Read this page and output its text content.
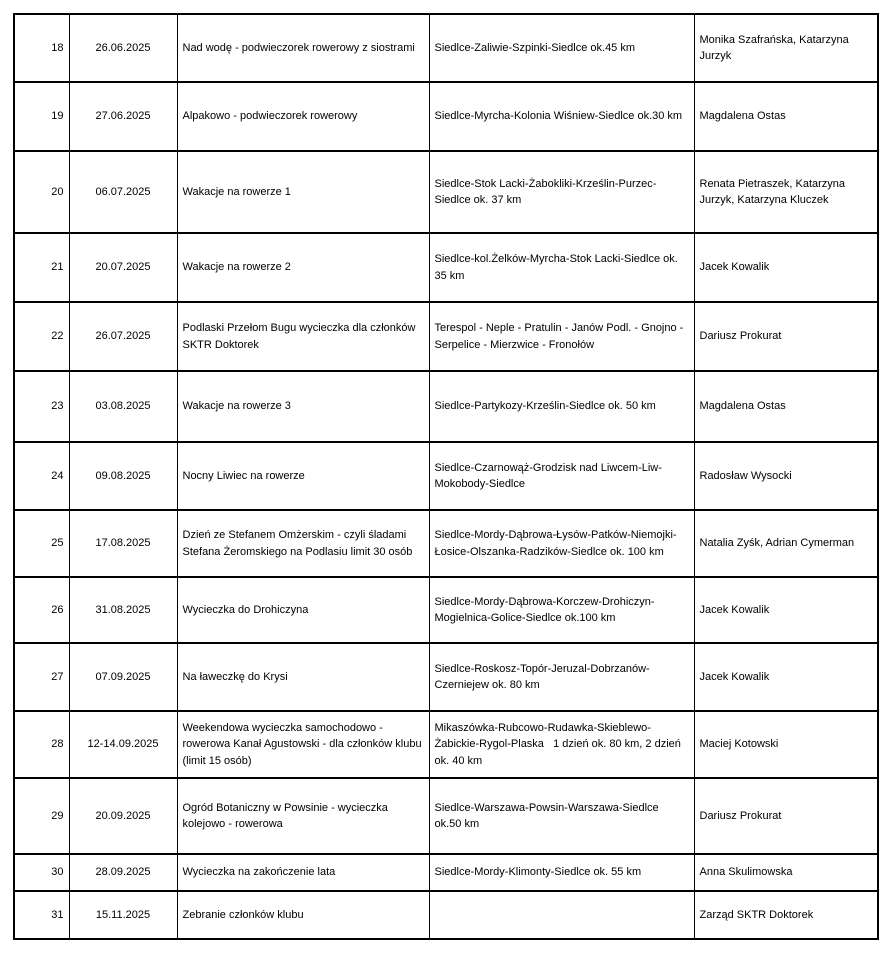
18	26.06.2025	Nad wodę - podwieczorek rowerowy z siostrami	Siedlce-Zaliwie-Szpinki-Siedlce ok.45 km	Monika Szafrańska, Katarzyna Jurzyk
19	27.06.2025	Alpakowo - podwieczorek rowerowy	Siedlce-Myrcha-Kolonia Wiśniew-Siedlce ok.30 km	Magdalena Ostas
20	06.07.2025	Wakacje na rowerze 1	Siedlce-Stok Lacki-Żabokliki-Krześlin-Purzec-Siedlce ok. 37 km	Renata Pietraszek, Katarzyna Jurzyk, Katarzyna Kluczek
21	20.07.2025	Wakacje na rowerze 2	Siedlce-kol.Żelków-Myrcha-Stok Lacki-Siedlce ok. 35 km	Jacek Kowalik
22	26.07.2025	Podlaski Przełom Bugu wycieczka dla członków SKTR Doktorek	Terespol - Neple - Pratulin - Janów Podl. - Gnojno - Serpelice - Mierzwice - Fronołów	Dariusz Prokurat
23	03.08.2025	Wakacje na rowerze 3	Siedlce-Partykozy-Krześlin-Siedlce ok. 50 km	Magdalena Ostas
24	09.08.2025	Nocny Liwiec na rowerze	Siedlce-Czarnowąż-Grodzisk nad Liwcem-Liw-Mokobody-Siedlce	Radosław Wysocki
25	17.08.2025	Dzień ze Stefanem Omżerskim - czyli śladami Stefana Żeromskiego na Podlasiu limit 30 osób	Siedlce-Mordy-Dąbrowa-Łysów-Patków-Niemojki-Łosice-Olszanka-Radzików-Siedlce ok. 100 km	Natalia Zyśk, Adrian Cymerman
26	31.08.2025	Wycieczka do Drohiczyna	Siedlce-Mordy-Dąbrowa-Korczew-Drohiczyn-Mogielnica-Golice-Siedlce ok.100 km	Jacek Kowalik
27	07.09.2025	Na ławeczkę do Krysi	Siedlce-Roskosz-Topór-Jeruzal-Dobrzanów-Czerniejew ok. 80 km	Jacek Kowalik
28	12-14.09.2025	Weekendowa wycieczka samochodowo - rowerowa Kanał Agustowski - dla członków klubu (limit 15 osób)	Mikaszówka-Rubcowo-Rudawka-Skieblewo-Żabickie-Rygol-Plaska   1 dzień ok. 80 km, 2 dzień ok. 40 km	Maciej Kotowski
29	20.09.2025	Ogród Botaniczny w Powsinie - wycieczka kolejowo - rowerowa	Siedlce-Warszawa-Powsin-Warszawa-Siedlce ok.50 km	Dariusz Prokurat
30	28.09.2025	Wycieczka na zakończenie lata	Siedlce-Mordy-Klimonty-Siedlce ok. 55 km	Anna Skulimowska
31	15.11.2025	Zebranie członków klubu		Zarząd SKTR Doktorek
